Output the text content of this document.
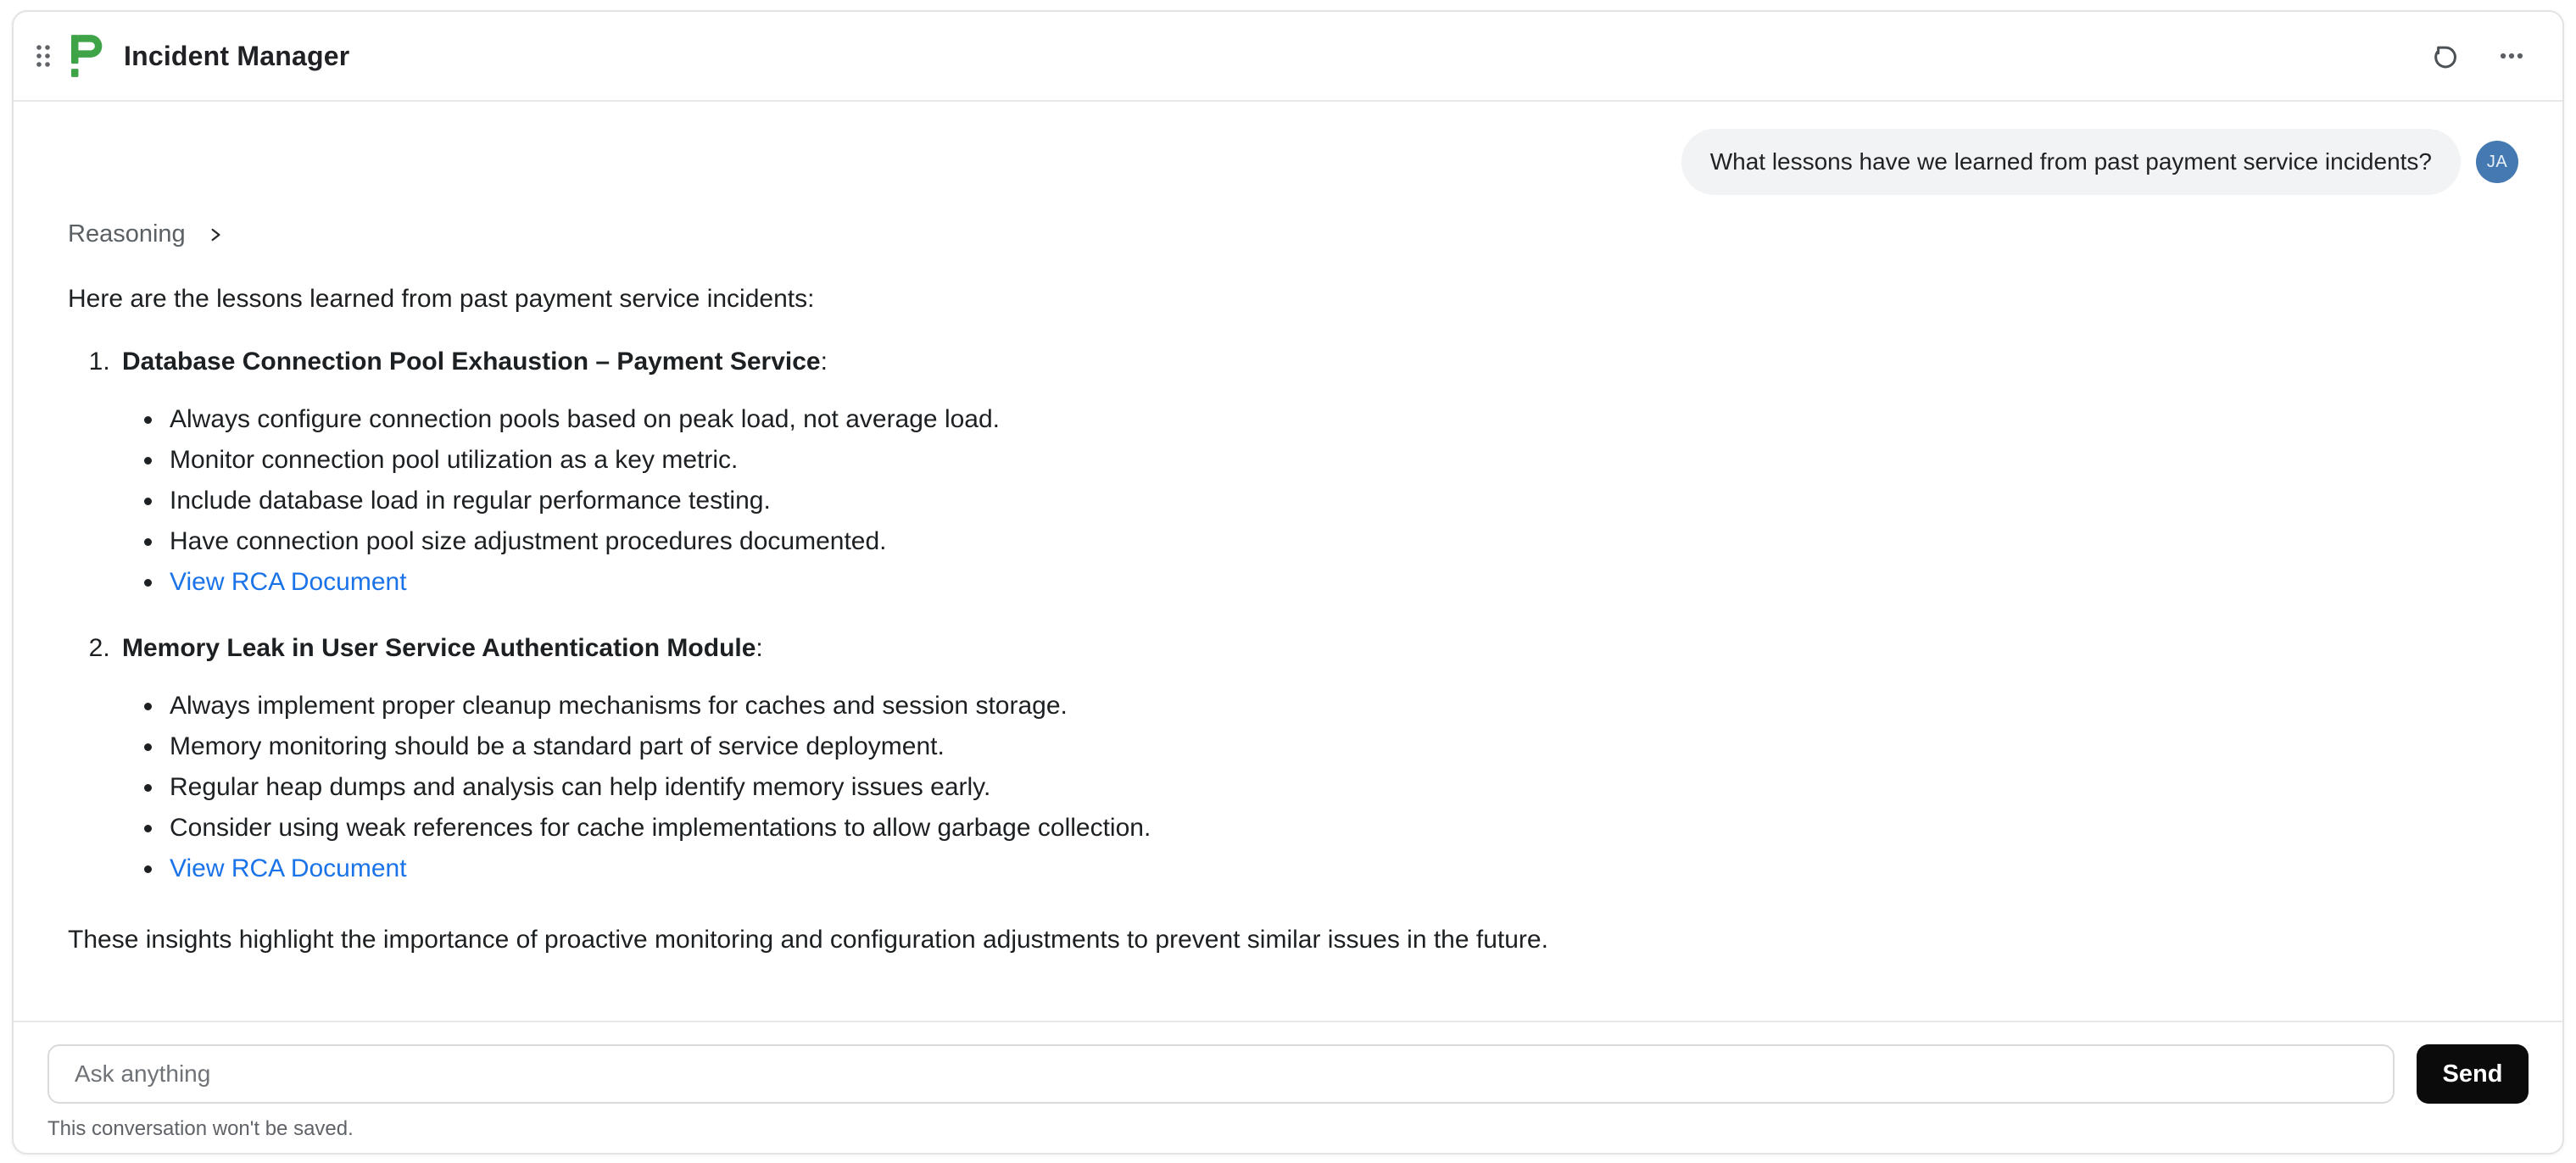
Incident Manager
What lessons have we learned from past payment service incidents?	JA
Reasoning

Here are the lessons learned from past payment service incidents:

1. Database Connection Pool Exhaustion – Payment Service:
• Always configure connection pools based on peak load, not average load.
• Monitor connection pool utilization as a key metric.
• Include database load in regular performance testing.
• Have connection pool size adjustment procedures documented.
• View RCA Document
2. Memory Leak in User Service Authentication Module:
• Always implement proper cleanup mechanisms for caches and session storage.
• Memory monitoring should be a standard part of service deployment.
• Regular heap dumps and analysis can help identify memory issues early.
• Consider using weak references for cache implementations to allow garbage collection.
• View RCA Document

These insights highlight the importance of proactive monitoring and configuration adjustments to prevent similar issues in the future.

Ask anything
Send
This conversation won't be saved.
